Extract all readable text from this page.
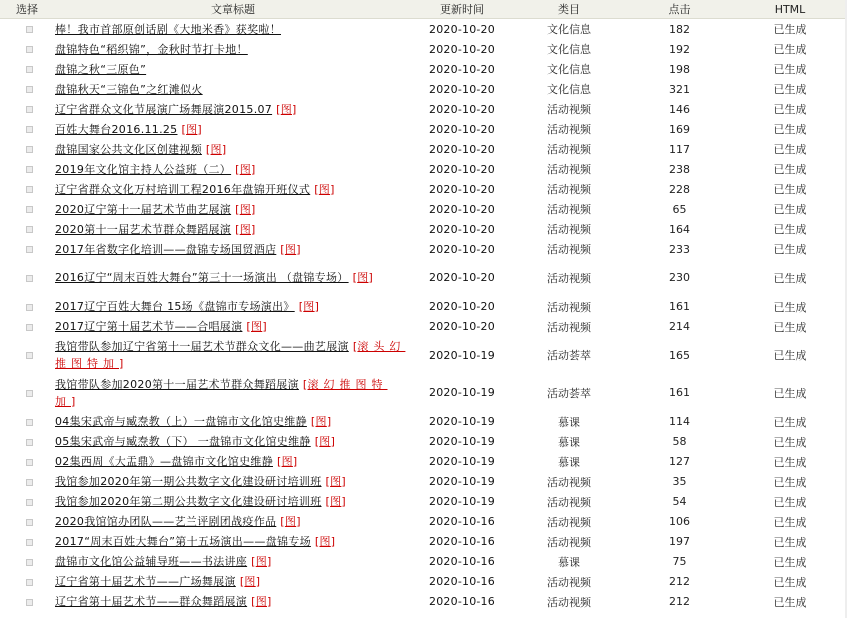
选择	文章标题	更新时间	类目	点击	HTML
	棒！我市首部原创话剧《大地米香》获奖啦！	2020-10-20	文化信息	182	已生成
	盘锦特色“稻织锦”，金秋时节打卡地！	2020-10-20	文化信息	192	已生成
	盘锦之秋“三原色”	2020-10-20	文化信息	198	已生成
	盘锦秋天“三锦色”之红滩似火	2020-10-20	文化信息	321	已生成
	辽宁省群众文化节展演广场舞展演2015.07 [图]	2020-10-20	活动视频	146	已生成
	百姓大舞台2016.11.25 [图]	2020-10-20	活动视频	169	已生成
	盘锦国家公共文化区创建视频 [图]	2020-10-20	活动视频	117	已生成
	2019年文化馆主持人公益班（二） [图]	2020-10-20	活动视频	238	已生成
	辽宁省群众文化万村培训工程2016年盘锦开班仪式 [图]	2020-10-20	活动视频	228	已生成
	2020辽宁第十一届艺术节曲艺展演 [图]	2020-10-20	活动视频	65	已生成
	2020第十一届艺术节群众舞蹈展演 [图]	2020-10-20	活动视频	164	已生成
	2017年省数字化培训——盘锦专场国贸酒店 [图]	2020-10-20	活动视频	233	已生成
	2016辽宁“周末百姓大舞台”第三十一场演出 （盘锦专场） [图]	2020-10-20	活动视频	230	已生成
	2017辽宁百姓大舞台 15场《盘锦市专场演出》 [图]	2020-10-20	活动视频	161	已生成
	2017辽宁第十届艺术节——合唱展演 [图]	2020-10-20	活动视频	214	已生成
	我馆带队参加辽宁省第十一届艺术节群众文化——曲艺展演 [滚头幻推图特加]	2020-10-19	活动荟萃	165	已生成
	我馆带队参加2020第十一届艺术节群众舞蹈展演 [滚幻推图特加]	2020-10-19	活动荟萃	161	已生成
	04集宋武帝与臧焘教（上）一盘锦市文化馆史维静 [图]	2020-10-19	慕课	114	已生成
	05集宋武帝与臧焘教（下） 一盘锦市文化馆史维静 [图]	2020-10-19	慕课	58	已生成
	02集西周《大盂鼎》—盘锦市文化馆史维静 [图]	2020-10-19	慕课	127	已生成
	我馆参加2020年第一期公共数字文化建设研讨培训班 [图]	2020-10-19	活动视频	35	已生成
	我馆参加2020年第二期公共数字文化建设研讨培训班 [图]	2020-10-19	活动视频	54	已生成
	2020我馆馆办团队——艺兰评剧团战疫作品 [图]	2020-10-16	活动视频	106	已生成
	2017“周末百姓大舞台”第十五场演出——盘锦专场 [图]	2020-10-16	活动视频	197	已生成
	盘锦市文化馆公益辅导班——书法讲座 [图]	2020-10-16	慕课	75	已生成
	辽宁省第十届艺术节——广场舞展演 [图]	2020-10-16	活动视频	212	已生成
	辽宁省第十届艺术节——群众舞蹈展演 [图]	2020-10-16	活动视频	212	已生成
